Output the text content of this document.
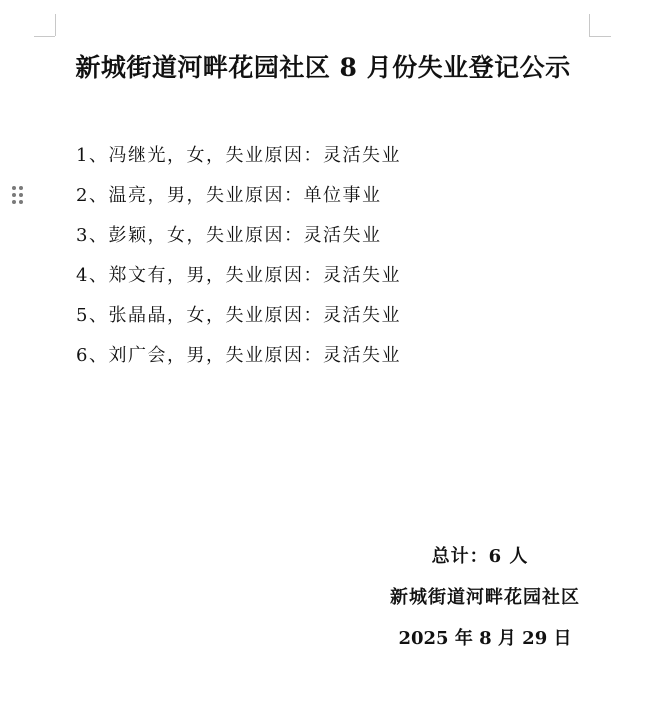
新城街道河畔花园社区 8 月份失业登记公示
1、冯继光，女，失业原因：灵活失业
2、温亮，男，失业原因：单位事业
3、彭颖，女，失业原因：灵活失业
4、郑文有，男，失业原因：灵活失业
5、张晶晶，女，失业原因：灵活失业
6、刘广会，男，失业原因：灵活失业
总计：6 人
新城街道河畔花园社区
2025 年 8 月 29 日
